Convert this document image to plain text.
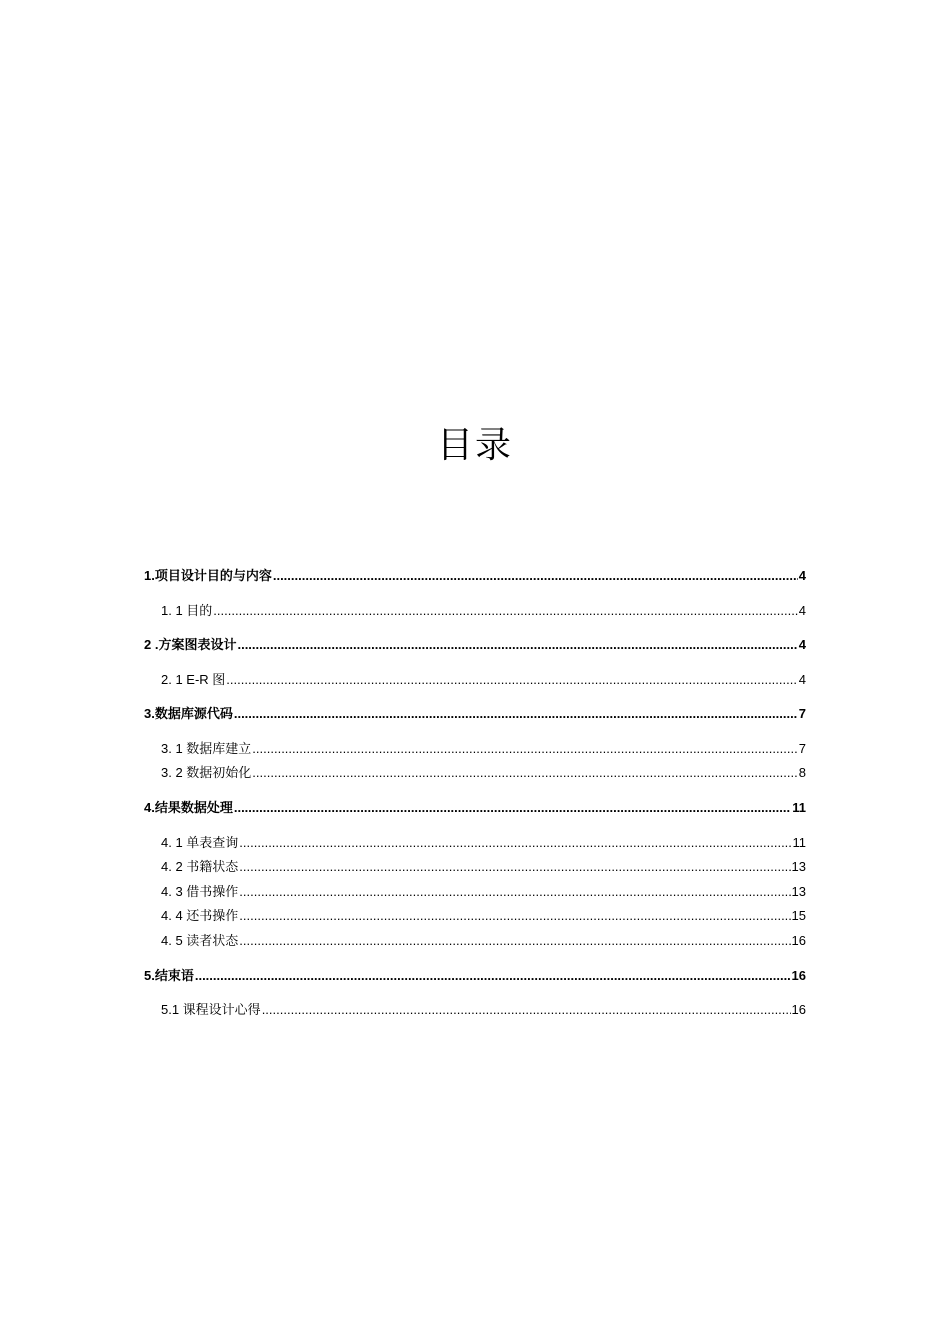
目录
1.项目设计目的与内容 .....	4
1. 1 目的 .....	4
2 .方案图表设计 .....	4
2. 1 E-R 图 .....	4
3.数据库源代码 .....	7
3. 1 数据库建立 .....	7
3. 2 数据初始化 .....	8
4.结果数据处理 .....	11
4. 1 单表查询 .....	11
4. 2 书籍状态 .....	13
4. 3 借书操作 .....	13
4. 4 还书操作 .....	15
4. 5 读者状态 .....	16
5.结束语 .....	16
5.1 课程设计心得 .....	16
